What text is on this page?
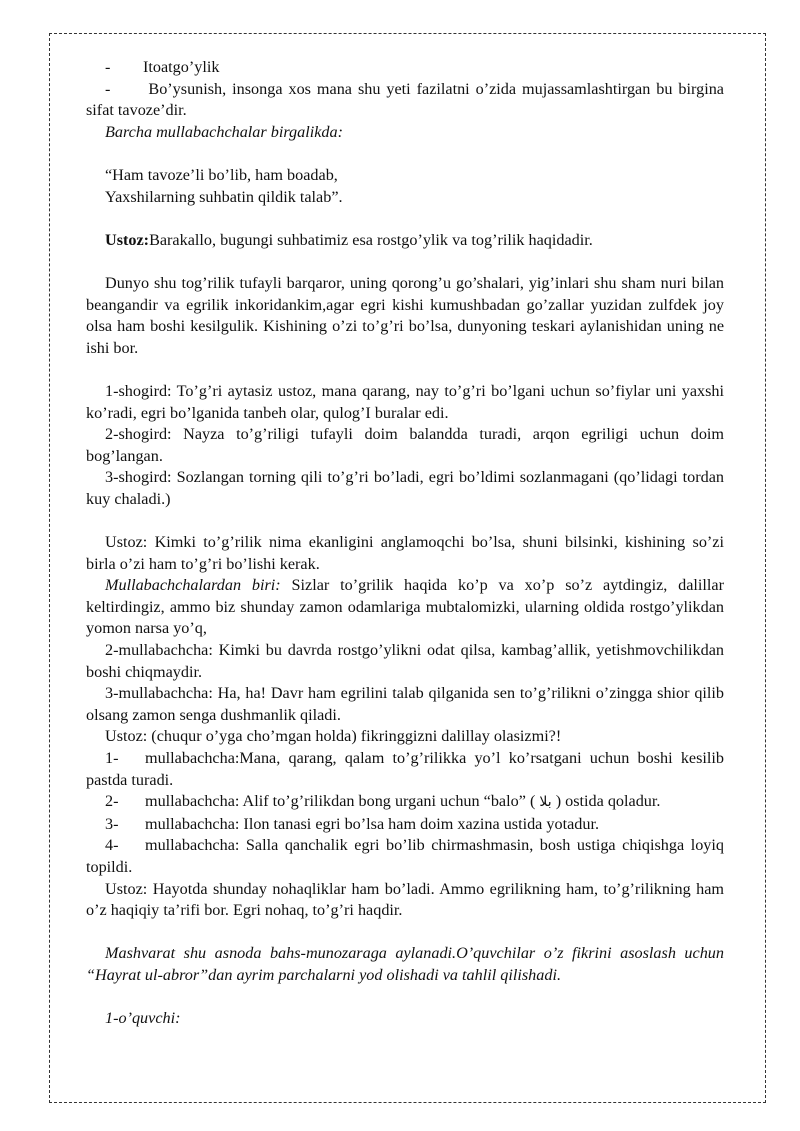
-	Itoatgo’ylik

- Bo’ysunish, insonga xos mana shu yeti fazilatni o’zida mujassamlashtirgan bu birgina sifat tavoze’dir.

Barcha mullabachchalar birgalikda:

“Ham tavoze’li bo’lib, ham boadab,

Yaxshilarning suhbatin qildik talab”.

Ustoz:Barakallo, bugungi suhbatimiz esa rostgo’ylik va tog’rilik haqidadir.

Dunyo shu tog’rilik tufayli barqaror, uning qorong’u go’shalari, yig’inlari shu sham nuri bilan beangandir va egrilik inkoridankim,agar egri kishi kumushbadan go’zallar yuzidan zulfdek joy olsa ham boshi kesilgulik. Kishining o’zi to’g’ri bo’lsa, dunyoning teskari aylanishidan uning ne ishi bor.

1-shogird: To’g’ri aytasiz ustoz, mana qarang, nay to’g’ri bo’lgani uchun so’fiylar uni yaxshi ko’radi, egri bo’lganida tanbeh olar, qulog’I buralar edi.

2-shogird: Nayza to’g’riligi tufayli doim balandda turadi, arqon egriligi uchun doim bog’langan.

3-shogird: Sozlangan torning qili to’g’ri bo’ladi, egri bo’ldimi sozlanmagani (qo’lidagi tordan kuy chaladi.)

Ustoz: Kimki to’g’rilik nima ekanligini anglamoqchi bo’lsa, shuni bilsinki, kishining so’zi birla o’zi ham to’g’ri bo’lishi kerak.

Mullabachchalardan biri: Sizlar to’grilik haqida ko’p va xo’p so’z aytdingiz, dalillar keltirdingiz, ammo biz shunday zamon odamlariga mubtalomizki, ularning oldida rostgo’ylikdan yomon narsa yo’q,

2-mullabachcha: Kimki bu davrda rostgo’ylikni odat qilsa, kambag’allik, yetishmovchilikdan boshi chiqmaydir.

3-mullabachcha: Ha, ha! Davr ham egrilini talab qilganida sen to’g’rilikni o’zingga shior qilib olsang zamon senga dushmanlik qiladi.

Ustoz: (chuqur o’yga cho’mgan holda) fikringgizni dalillay olasizmi?!

1- mullabachcha:Mana, qarang, qalam to’g’rilikka yo’l ko’rsatgani uchun boshi kesilib pastda turadi.

2- mullabachcha: Alif to’g’rilikdan bong urgani uchun “balo” ( بلا ) ostida qoladur.

3- mullabachcha: Ilon tanasi egri bo’lsa ham doim xazina ustida yotadur.

4- mullabachcha: Salla qanchalik egri bo’lib chirmashmasin, bosh ustiga chiqishga loyiq topildi.

Ustoz: Hayotda shunday nohaqliklar ham bo’ladi. Ammo egrilikning ham, to’g’rilikning ham o’z haqiqiy ta’rifi bor. Egri nohaq, to’g’ri haqdir.

Mashvarat shu asnoda bahs-munozaraga aylanadi.O’quvchilar o’z fikrini asoslash uchun “Hayrat ul-abror”dan ayrim parchalarni yod olishadi va tahlil qilishadi.

1-o’quvchi:
